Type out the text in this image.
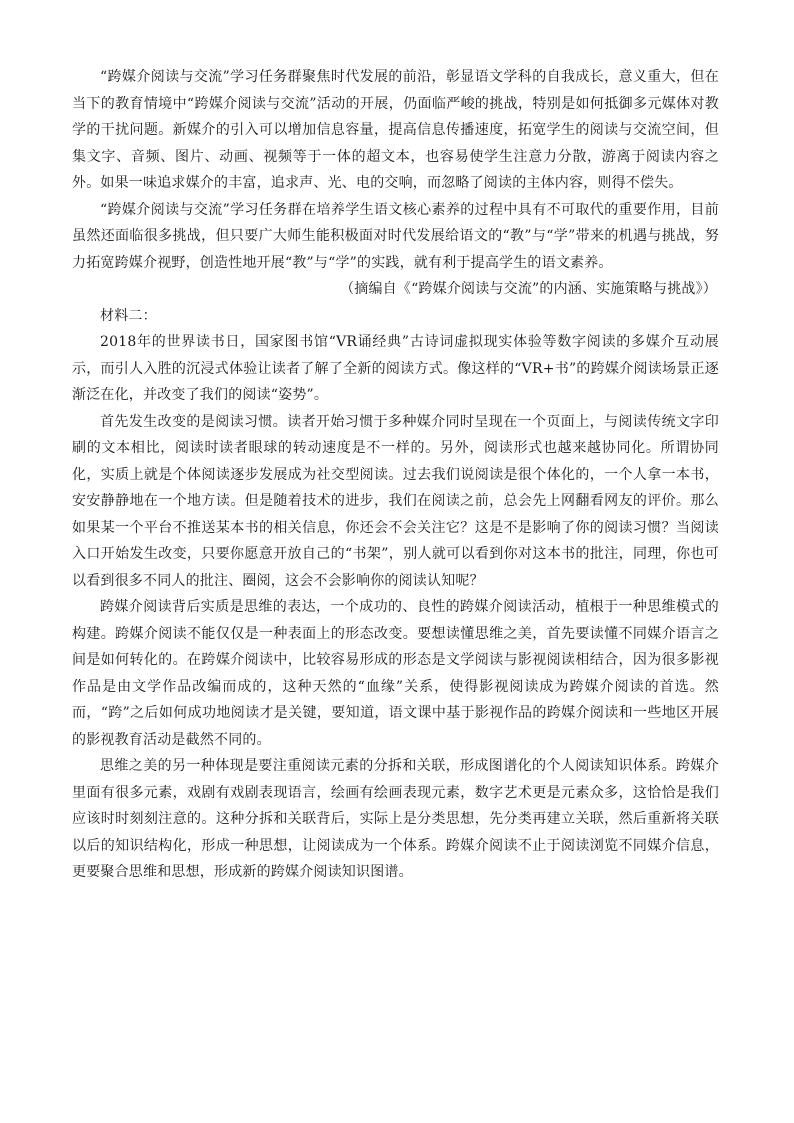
“跨媒介阅读与交流”学习任务群聚焦时代发展的前沿，彰显语文学科的自我成长，意义重大，但在当下的教育情境中“跨媒介阅读与交流”活动的开展，仍面临严峻的挑战，特别是如何抵御多元媒体对教学的干扰问题。新媒介的引入可以增加信息容量，提高信息传播速度，拓宽学生的阅读与交流空间，但集文字、音频、图片、动画、视频等于一体的超文本，也容易使学生注意力分散，游离于阅读内容之外。如果一味追求媒介的丰富，追求声、光、电的交响，而忽略了阅读的主体内容，则得不偿失。

“跨媒介阅读与交流”学习任务群在培养学生语文核心素养的过程中具有不可取代的重要作用，目前虽然还面临很多挑战，但只要广大师生能积极面对时代发展给语文的“教”与“学”带来的机遇与挑战，努力拓宽跨媒介视野，创造性地开展“教”与“学”的实践，就有利于提高学生的语文素养。

（摘编自《“跨媒介阅读与交流”的内涵、实施策略与挑战》）

材料二：

2018年的世界读书日，国家图书馆“VR诵经典”古诗词虚拟现实体验等数字阅读的多媒介互动展示，而引人入胜的沉浸式体验让读者了解了全新的阅读方式。像这样的“VR+书”的跨媒介阅读场景正逐渐泛在化，并改变了我们的阅读“姿势”。

首先发生改变的是阅读习惯。读者开始习惯于多种媒介同时呈现在一个页面上，与阅读传统文字印刷的文本相比，阅读时读者眼球的转动速度是不一样的。另外，阅读形式也越来越协同化。所谓协同化，实质上就是个体阅读逐步发展成为社交型阅读。过去我们说阅读是很个体化的，一个人拿一本书，安安静静地在一个地方读。但是随着技术的进步，我们在阅读之前，总会先上网翻看网友的评价。那么如果某一个平台不推送某本书的相关信息，你还会不会关注它？这是不是影响了你的阅读习惯？当阅读入口开始发生改变，只要你愿意开放自己的“书架”，别人就可以看到你对这本书的批注，同理，你也可以看到很多不同人的批注、圈阅，这会不会影响你的阅读认知呢？

跨媒介阅读背后实质是思维的表达，一个成功的、良性的跨媒介阅读活动，植根于一种思维模式的构建。跨媒介阅读不能仅仅是一种表面上的形态改变。要想读懂思维之美，首先要读懂不同媒介语言之间是如何转化的。在跨媒介阅读中，比较容易形成的形态是文学阅读与影视阅读相结合，因为很多影视作品是由文学作品改编而成的，这种天然的“血缘”关系，使得影视阅读成为跨媒介阅读的首选。然而，“跨”之后如何成功地阅读才是关键，要知道，语文课中基于影视作品的跨媒介阅读和一些地区开展的影视教育活动是截然不同的。

思维之美的另一种体现是要注重阅读元素的分拆和关联，形成图谱化的个人阅读知识体系。跨媒介里面有很多元素，戏剧有戏剧表现语言，绘画有绘画表现元素，数字艺术更是元素众多，这恰恰是我们应该时时刻刻注意的。这种分拆和关联背后，实际上是分类思想，先分类再建立关联，然后重新将关联以后的知识结构化，形成一种思想，让阅读成为一个体系。跨媒介阅读不止于阅读浏览不同媒介信息，更要聚合思维和思想，形成新的跨媒介阅读知识图谱。
